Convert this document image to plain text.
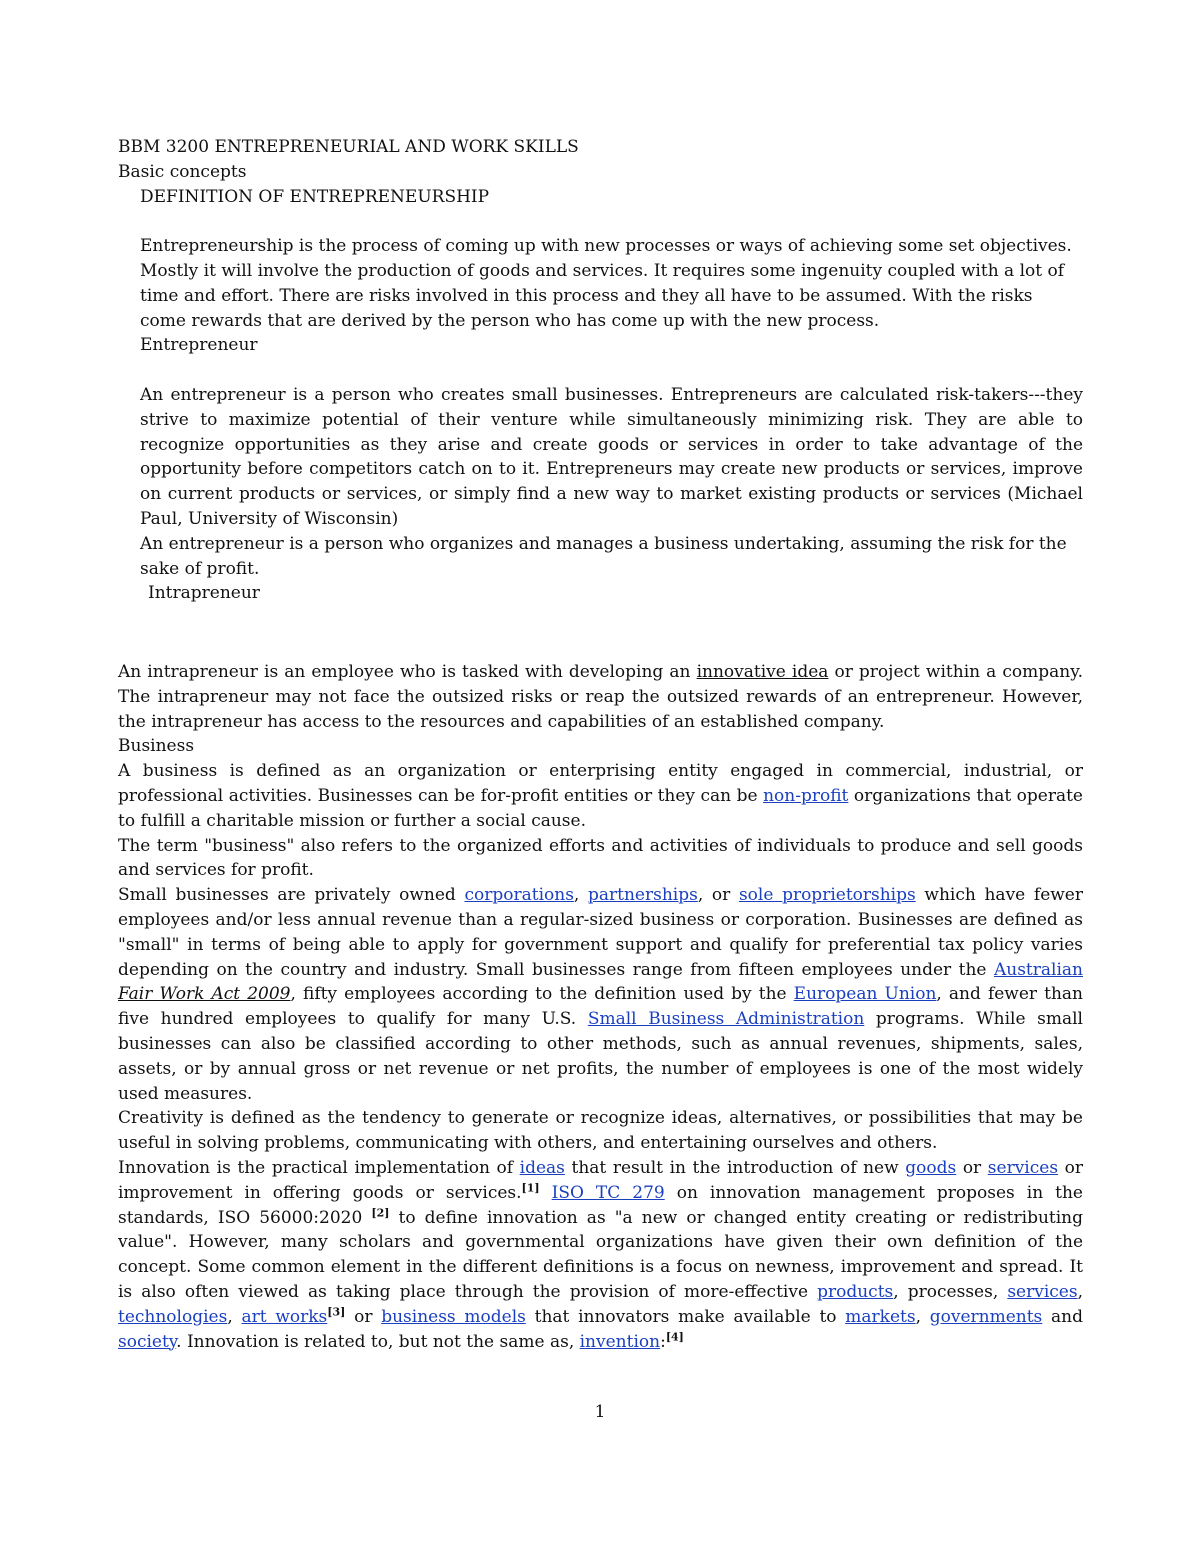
BBM 3200 ENTREPRENEURIAL AND WORK SKILLS

Basic concepts

DEFINITION OF ENTREPRENEURSHIP

Entrepreneurship is the process of coming up with new processes or ways of achieving some set objectives. Mostly it will involve the production of goods and services. It requires some ingenuity coupled with a lot of time and effort. There are risks involved in this process and they all have to be assumed. With the risks come rewards that are derived by the person who has come up with the new process.

Entrepreneur

An entrepreneur is a person who creates small businesses. Entrepreneurs are calculated risk-takers---they strive to maximize potential of their venture while simultaneously minimizing risk. They are able to recognize opportunities as they arise and create goods or services in order to take advantage of the opportunity before competitors catch on to it. Entrepreneurs may create new products or services, improve on current products or services, or simply find a new way to market existing products or services (Michael Paul, University of Wisconsin)

An entrepreneur is a person who organizes and manages a business undertaking, assuming the risk for the sake of profit.

Intrapreneur

An intrapreneur is an employee who is tasked with developing an innovative idea or project within a company. The intrapreneur may not face the outsized risks or reap the outsized rewards of an entrepreneur. However, the intrapreneur has access to the resources and capabilities of an established company.

Business

A business is defined as an organization or enterprising entity engaged in commercial, industrial, or professional activities. Businesses can be for-profit entities or they can be non-profit organizations that operate to fulfill a charitable mission or further a social cause.

The term "business" also refers to the organized efforts and activities of individuals to produce and sell goods and services for profit.

Small businesses are privately owned corporations, partnerships, or sole proprietorships which have fewer employees and/or less annual revenue than a regular-sized business or corporation. Businesses are defined as "small" in terms of being able to apply for government support and qualify for preferential tax policy varies depending on the country and industry. Small businesses range from fifteen employees under the Australian Fair Work Act 2009, fifty employees according to the definition used by the European Union, and fewer than five hundred employees to qualify for many U.S. Small Business Administration programs. While small businesses can also be classified according to other methods, such as annual revenues, shipments, sales, assets, or by annual gross or net revenue or net profits, the number of employees is one of the most widely used measures.

Creativity is defined as the tendency to generate or recognize ideas, alternatives, or possibilities that may be useful in solving problems, communicating with others, and entertaining ourselves and others.

Innovation is the practical implementation of ideas that result in the introduction of new goods or services or improvement in offering goods or services.[1] ISO TC 279 on innovation management proposes in the standards, ISO 56000:2020 [2] to define innovation as "a new or changed entity creating or redistributing value". However, many scholars and governmental organizations have given their own definition of the concept. Some common element in the different definitions is a focus on newness, improvement and spread. It is also often viewed as taking place through the provision of more-effective products, processes, services, technologies, art works[3] or business models that innovators make available to markets, governments and society. Innovation is related to, but not the same as, invention:[4]

1
